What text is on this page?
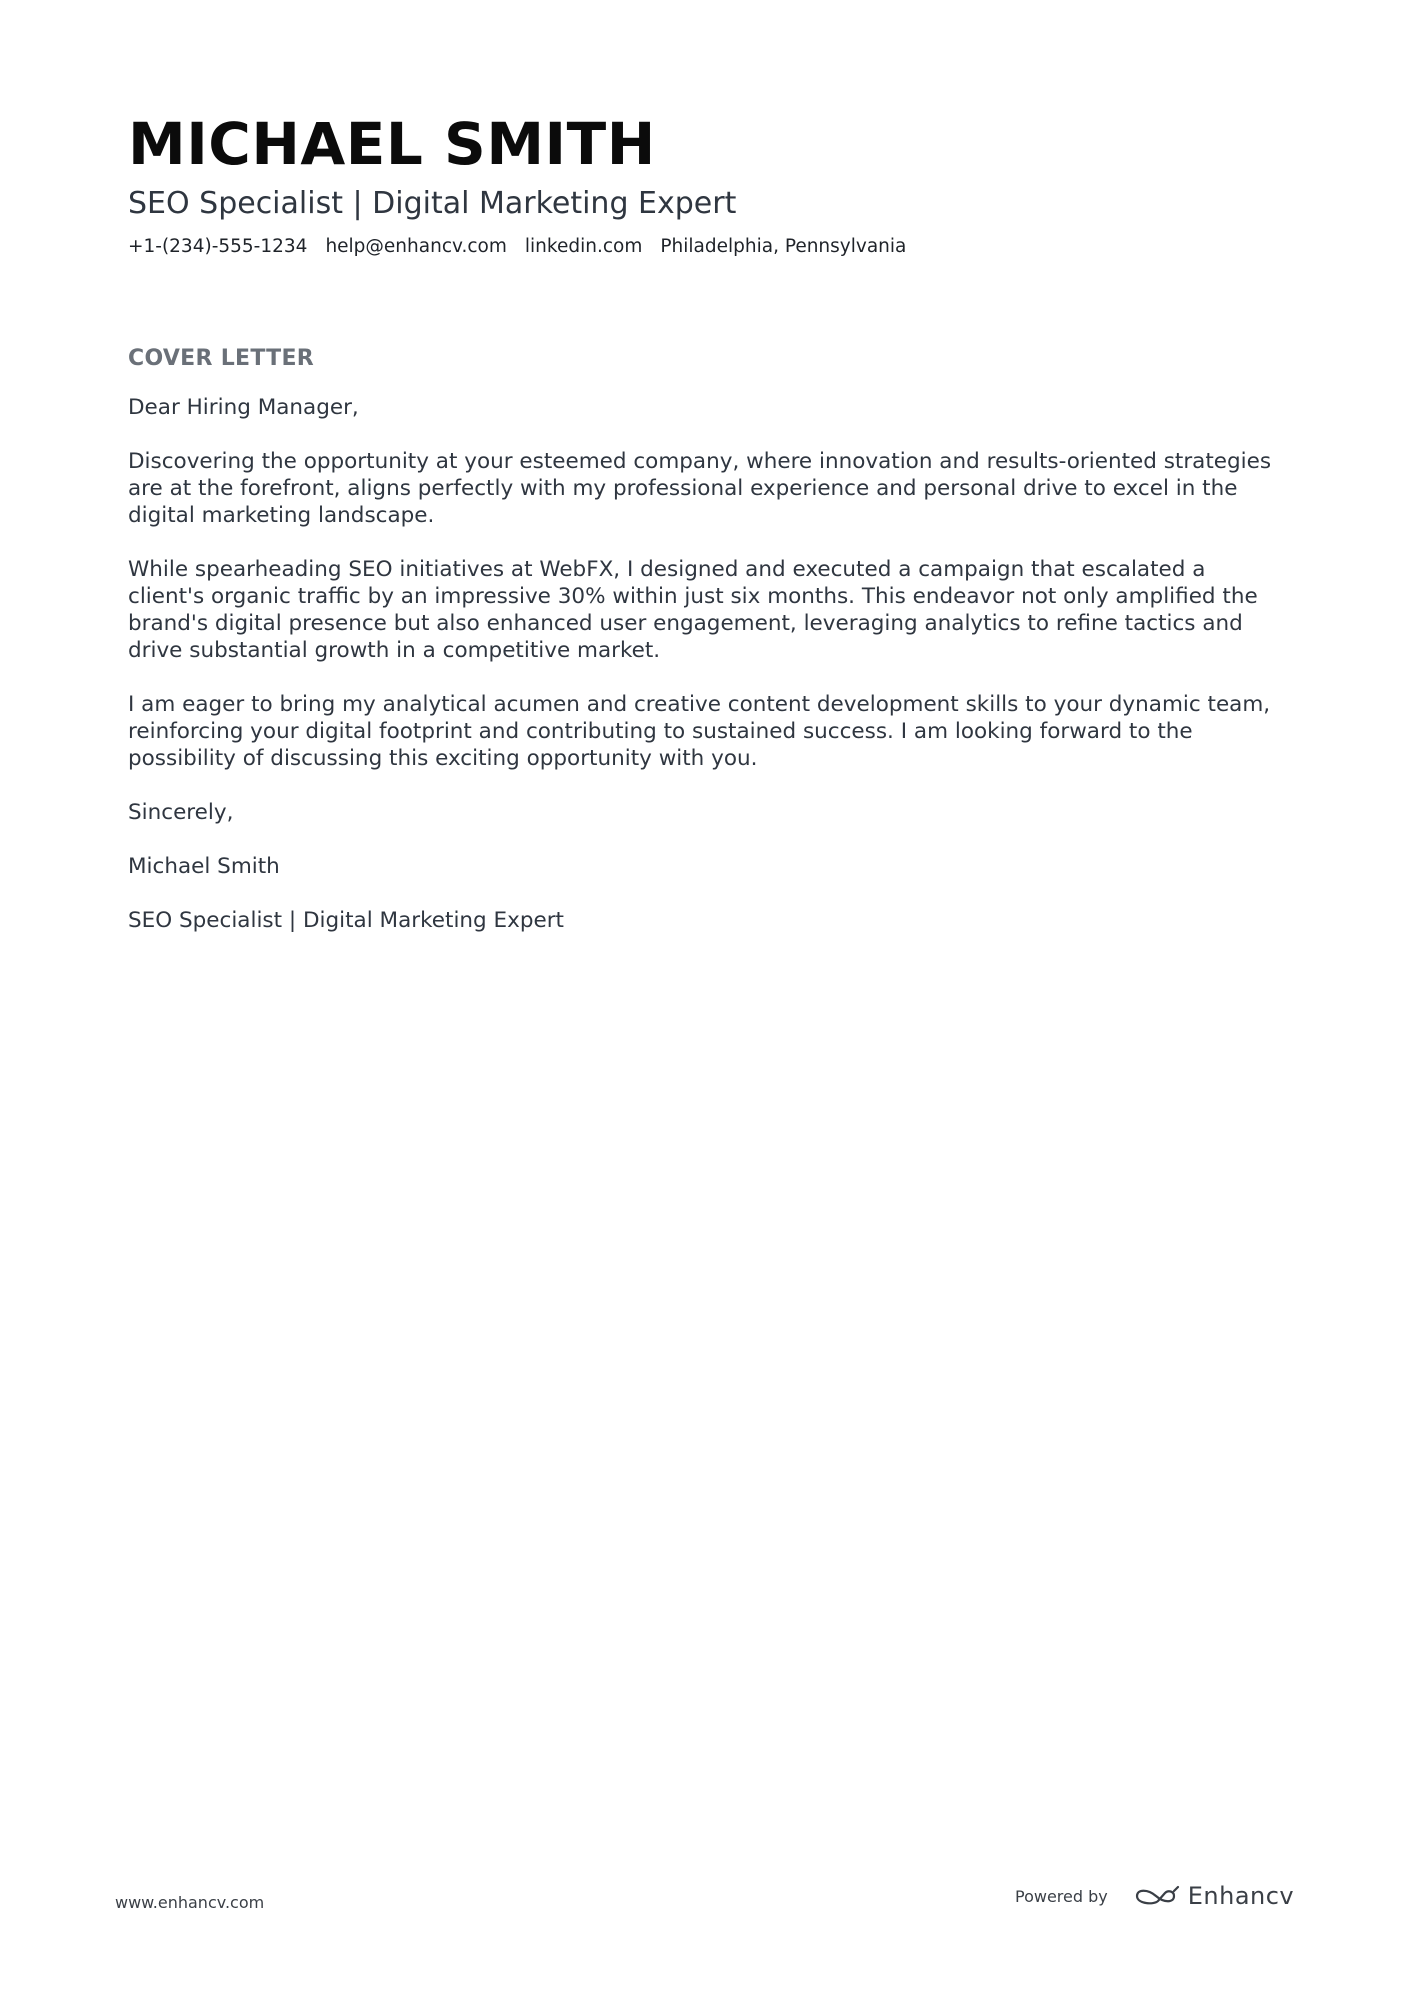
MICHAEL SMITH
SEO Specialist | Digital Marketing Expert
+1-(234)-555-1234 help@enhancv.com linkedin.com Philadelphia, Pennsylvania
COVER LETTER

Dear Hiring Manager,

Discovering the opportunity at your esteemed company, where innovation and results-oriented strategies are at the forefront, aligns perfectly with my professional experience and personal drive to excel in the digital marketing landscape.

While spearheading SEO initiatives at WebFX, I designed and executed a campaign that escalated a client's organic traffic by an impressive 30% within just six months. This endeavor not only amplified the brand's digital presence but also enhanced user engagement, leveraging analytics to refine tactics and drive substantial growth in a competitive market.

I am eager to bring my analytical acumen and creative content development skills to your dynamic team, reinforcing your digital footprint and contributing to sustained success. I am looking forward to the possibility of discussing this exciting opportunity with you.

Sincerely,

Michael Smith

SEO Specialist | Digital Marketing Expert

www.enhancv.com	Powered by	Enhancv
